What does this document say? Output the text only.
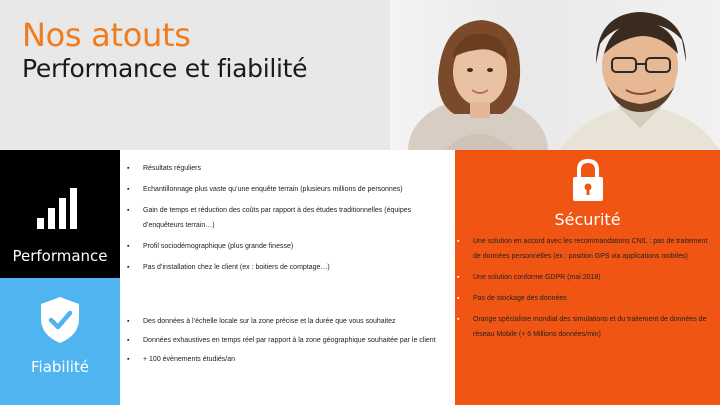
Nos atouts
Performance et fiabilité
Performance
Fiabilité
▪ Résultats réguliers
▪ Echantillonnage plus vaste qu’une enquête terrain (plusieurs millions de personnes)
▪ Gain de temps et réduction des coûts par rapport à des études traditionnelles (équipes d’enquêteurs terrain…)
▪ Profil sociodémographique (plus grande finesse)
▪ Pas d’installation chez le client (ex : boitiers de comptage…)
▪ Des données à l’échelle locale sur la zone précise et la durée que vous souhaitez
▪ Données exhaustives en temps réel par rapport à la zone géographique souhaitée par le client
▪ + 100 évènements étudiés/an
Sécurité
▪ Une solution en accord avec les recommandations CNIL : pas de traitement de données personnelles (ex : position GPS via applications mobiles)
▪ Une solution conforme GDPR (mai 2018)
▪ Pas de stockage des données
▪ Orange spécialiste mondial des simulations et du traitement de données de réseau Mobile (+ 6 Millions données/min)
